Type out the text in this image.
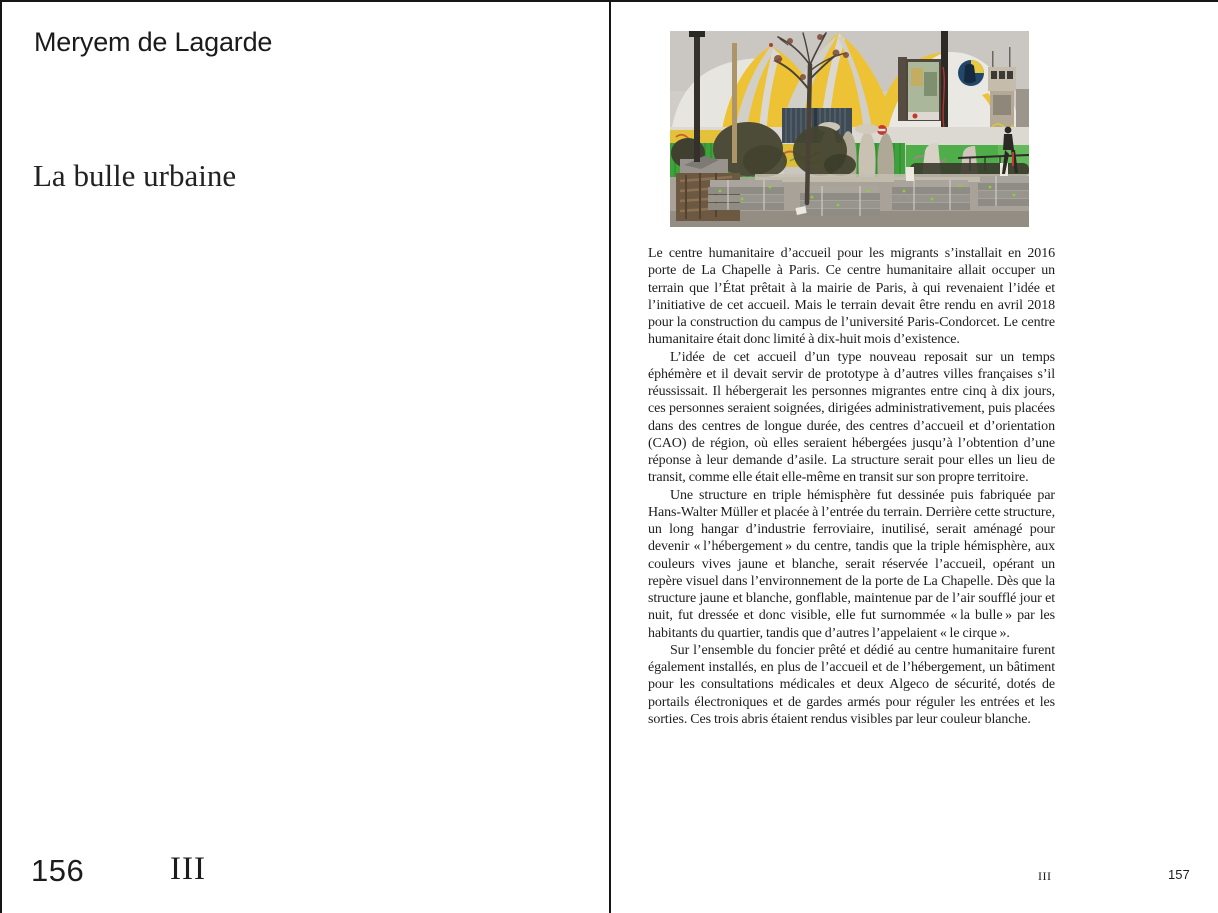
Meryem de Lagarde
La bulle urbaine
156	III

Le centre humanitaire d’accueil pour les migrants s’installait en 2016 porte de La Chapelle à Paris. Ce centre humanitaire allait occuper un terrain que l’État prêtait à la mairie de Paris, à qui revenaient l’idée et l’initiative de cet accueil. Mais le terrain devait être rendu en avril 2018 pour la construction du campus de l’université Paris-Condorcet. Le centre humanitaire était donc limité à dix-huit mois d’existence.

L’idée de cet accueil d’un type nouveau reposait sur un temps éphémère et il devait servir de prototype à d’autres villes françaises s’il réussissait. Il hébergerait les personnes migrantes entre cinq à dix jours, ces personnes seraient soignées, dirigées administrativement, puis placées dans des centres de longue durée, des centres d’accueil et d’orientation (CAO) de région, où elles seraient hébergées jusqu’à l’obtention d’une réponse à leur demande d’asile. La structure serait pour elles un lieu de transit, comme elle était elle-même en transit sur son propre territoire.

Une structure en triple hémisphère fut dessinée puis fabriquée par Hans-Walter Müller et placée à l’entrée du terrain. Derrière cette structure, un long hangar d’industrie ferroviaire, inutilisé, serait aménagé pour devenir « l’hébergement » du centre, tandis que la triple hémisphère, aux couleurs vives jaune et blanche, serait réservée l’accueil, opérant un repère visuel dans l’environnement de la porte de La Chapelle. Dès que la structure jaune et blanche, gonflable, maintenue par de l’air soufflé jour et nuit, fut dressée et donc visible, elle fut surnommée « la bulle » par les habitants du quartier, tandis que d’autres l’appelaient « le cirque ».

Sur l’ensemble du foncier prêté et dédié au centre humanitaire furent également installés, en plus de l’accueil et de l’hébergement, un bâtiment pour les consultations médicales et deux Algeco de sécurité, dotés de portails électroniques et de gardes armés pour réguler les entrées et les sorties. Ces trois abris étaient rendus visibles par leur couleur blanche.

III	157
